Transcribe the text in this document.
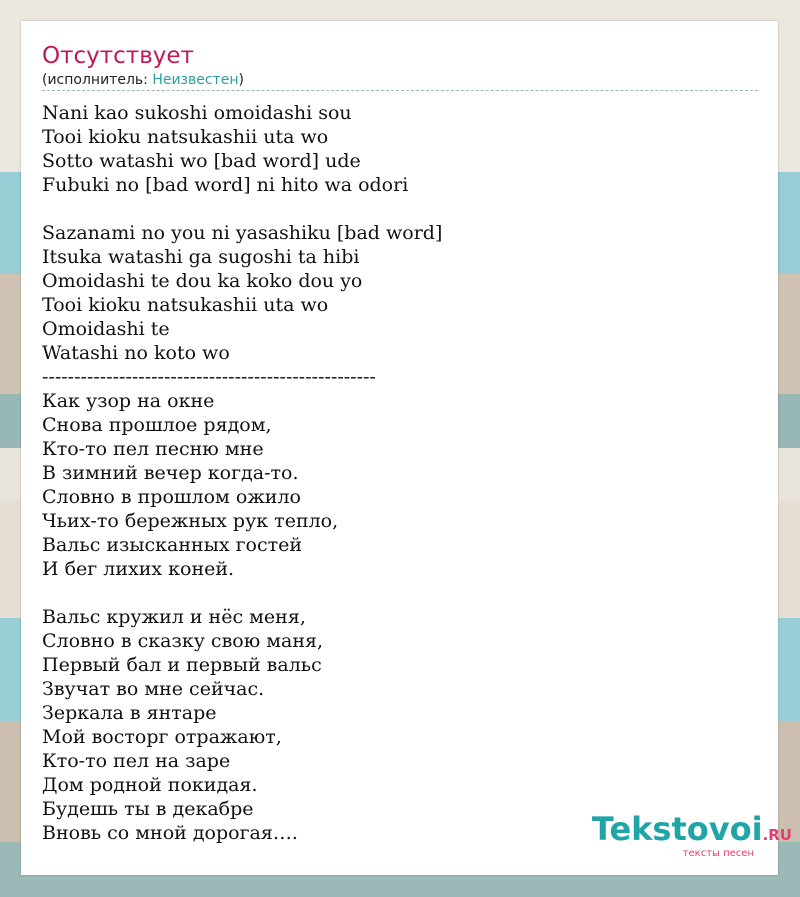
Отсутствует
(исполнитель: Неизвестен)
Nani kao sukoshi omoidashi sou
Tooi kioku natsukashii uta wo
Sotto watashi wo [bad word] ude
Fubuki no [bad word] ni hito wa odori
Sazanami no you ni yasashiku [bad word]
Itsuka watashi ga sugoshi ta hibi
Omoidashi te dou ka koko dou yo
Tooi kioku natsukashii uta wo
Omoidashi te
Watashi no koto wo
----------------------------------------------------
Как узор на окне
Снова прошлое рядом,
Кто-то пел песню мне
В зимний вечер когда-то.
Словно в прошлом ожило
Чьих-то бережных рук тепло,
Вальс изысканных гостей
И бег лихих коней.
Вальс кружил и нёс меня,
Словно в сказку свою маня,
Первый бал и первый вальс
Звучат во мне сейчас.
Зеркала в янтаре
Мой восторг отражают,
Кто-то пел на заре
Дом родной покидая.
Будешь ты в декабре
Вновь со мной дорогая….	Tekstovoi.RU
тексты песен
